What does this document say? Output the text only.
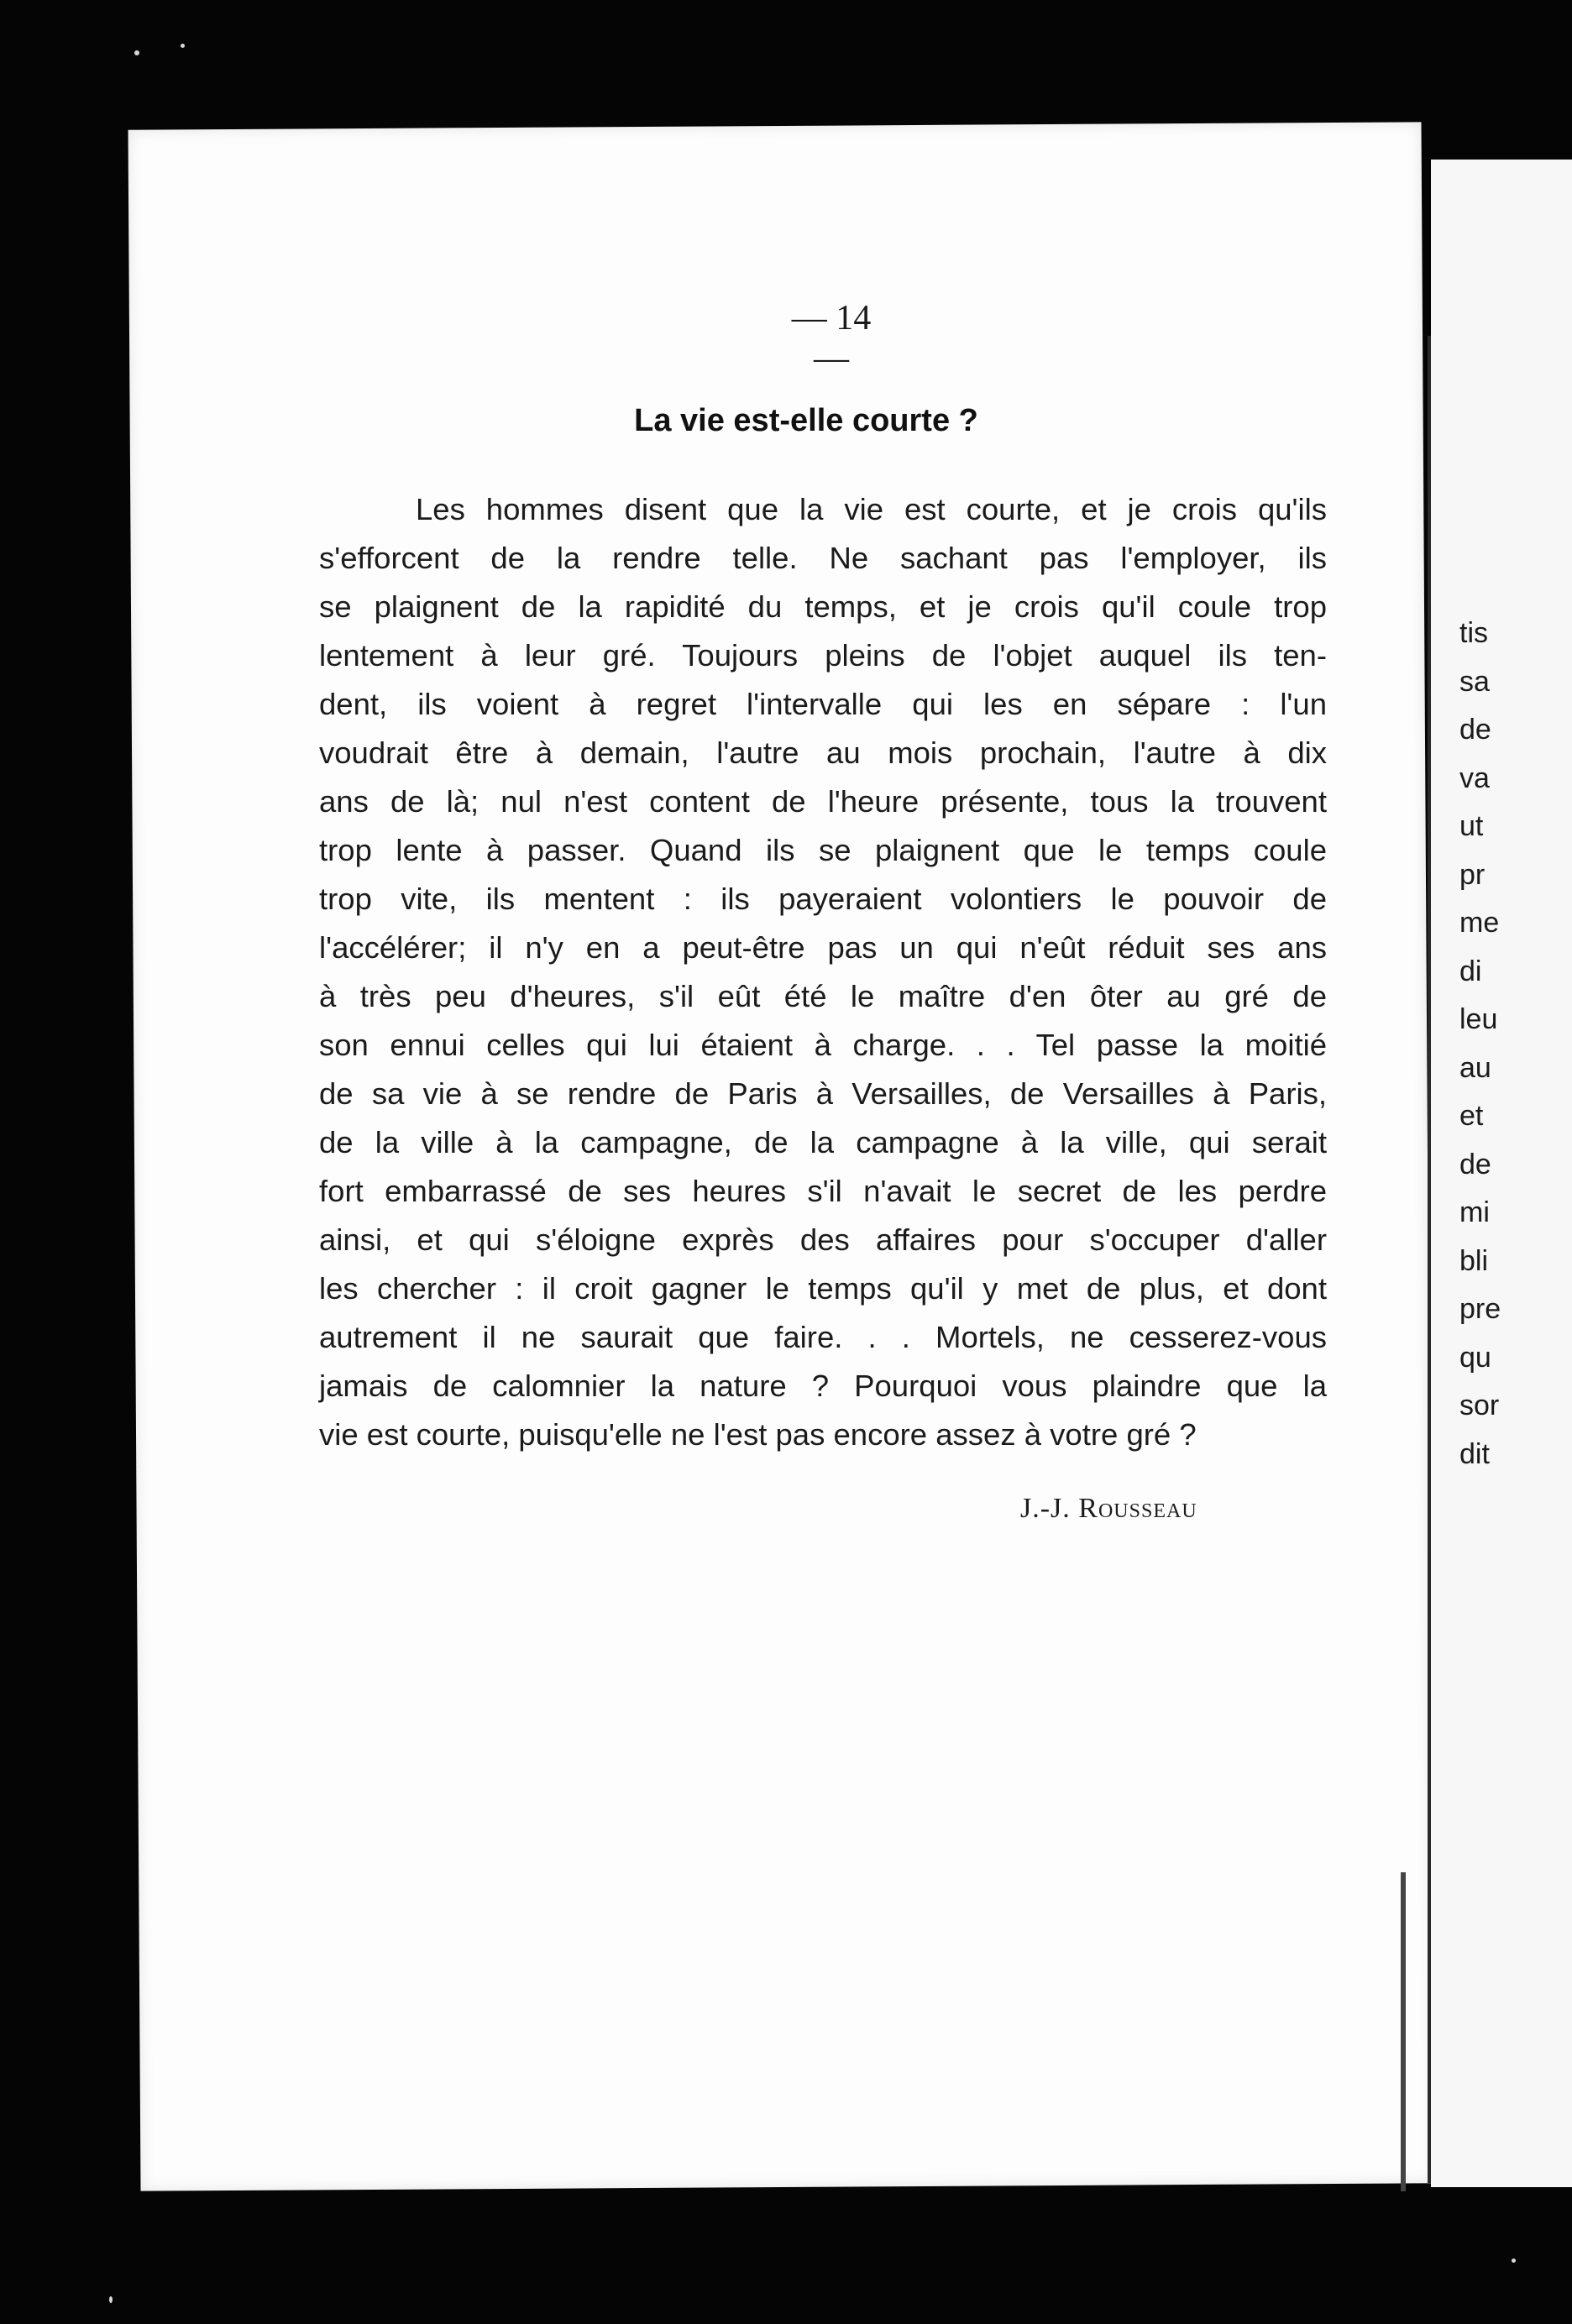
tis
sa
de
va
ut
pr
me
di
leu
au
et
de
mi
bli
pre
qu
sor
dit
— 14 —
La vie est-elle courte ?
Les hommes disent que la vie est courte, et je crois qu'ils
s'efforcent de la rendre telle. Ne sachant pas l'employer, ils
se plaignent de la rapidité du temps, et je crois qu'il coule trop
lentement à leur gré. Toujours pleins de l'objet auquel ils ten-
dent, ils voient à regret l'intervalle qui les en sépare : l'un
voudrait être à demain, l'autre au mois prochain, l'autre à dix
ans de là; nul n'est content de l'heure présente, tous la trouvent
trop lente à passer. Quand ils se plaignent que le temps coule
trop vite, ils mentent : ils payeraient volontiers le pouvoir de
l'accélérer; il n'y en a peut-être pas un qui n'eût réduit ses ans
à très peu d'heures, s'il eût été le maître d'en ôter au gré de
son ennui celles qui lui étaient à charge. . . Tel passe la moitié
de sa vie à se rendre de Paris à Versailles, de Versailles à Paris,
de la ville à la campagne, de la campagne à la ville, qui serait
fort embarrassé de ses heures s'il n'avait le secret de les perdre
ainsi, et qui s'éloigne exprès des affaires pour s'occuper d'aller
les chercher : il croit gagner le temps qu'il y met de plus, et dont
autrement il ne saurait que faire. . . Mortels, ne cesserez-vous
jamais de calomnier la nature ? Pourquoi vous plaindre que la
vie est courte, puisqu'elle ne l'est pas encore assez à votre gré ?
J.-J. Rousseau
